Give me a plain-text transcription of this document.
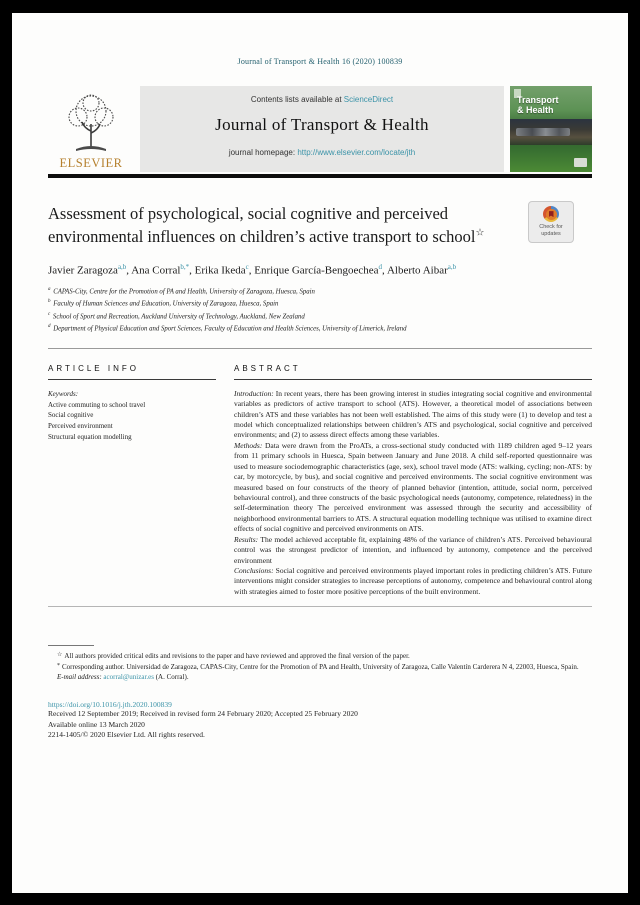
Journal of Transport & Health 16 (2020) 100839
ELSEVIER
Contents lists available at ScienceDirect
Journal of Transport & Health
journal homepage: http://www.elsevier.com/locate/jth
Transport
& Health
Assessment of psychological, social cognitive and perceived
environmental influences on children’s active transport to school☆
Check for
updates
Javier Zaragoza$^{a,b}$, Ana Corral$^{b,*}$, Erika Ikeda$^c$, Enrique García-Bengoechea$^d$, Alberto Aibar$^{a,b}$
$^a$ CAPAS-City, Centre for the Promotion of PA and Health, University of Zaragoza, Huesca, Spain
$^b$ Faculty of Human Sciences and Education, University of Zaragoza, Huesca, Spain
$^c$ School of Sport and Recreation, Auckland University of Technology, Auckland, New Zealand
$^d$ Department of Physical Education and Sport Sciences, Faculty of Education and Health Sciences, University of Limerick, Ireland
ARTICLE INFO
Keywords:
Active commuting to school travel
Social cognitive
Perceived environment
Structural equation modelling
ABSTRACT

Introduction: In recent years, there has been growing interest in studies integrating social cognitive and environmental variables as predictors of active transport to school (ATS). However, a theoretical model of associations between children’s ATS and these variables has not been well established. The aims of this study were (1) to develop and test a model which conceptualized relationships between children’s ATS and psychological, social cognitive and perceived environments; and (2) to assess direct effects among these variables.

Methods: Data were drawn from the ProATs, a cross-sectional study conducted with 1189 children aged 9–12 years from 11 primary schools in Huesca, Spain between January and June 2018. A child self-reported questionnaire was used to measure sociodemographic characteristics (age, sex), school travel mode (ATS: walking, cycling; non-ATS: by car, by motorcycle, by bus), and social cognitive and perceived environments. The social cognitive environment was measured based on four constructs of the theory of planned behavior (intention, attitude, social norm, perceived behavioural control), and three constructs of the basic psychological needs (autonomy, competence, relatedness) in the self-determination theory The perceived environment was assessed through the security and accessibility of neighborhood environmental barriers to ATS. A structural equation modelling technique was utilised to examine direct effects of social cognitive and perceived environments on ATS.

Results: The model achieved acceptable fit, explaining 48% of the variance of children’s ATS. Perceived behavioural control was the strongest predictor of intention, and influenced by autonomy, competence and the perceived environment

Conclusions: Social cognitive and perceived environments played important roles in predicting children’s ATS. Future interventions might consider strategies to increase perceptions of autonomy, competence and behavioural control along with strategies aimed to foster more positive perceptions of the built environment.

☆ All authors provided critical edits and revisions to the paper and have reviewed and approved the final version of the paper.
* Corresponding author. Universidad de Zaragoza, CAPAS-City, Centre for the Promotion of PA and Health, University of Zaragoza, Calle Valentín Carderera N 4, 22003, Huesca, Spain.
E-mail address: acorral@unizar.es (A. Corral).
https://doi.org/10.1016/j.jth.2020.100839
Received 12 September 2019; Received in revised form 24 February 2020; Accepted 25 February 2020
Available online 13 March 2020
2214-1405/© 2020 Elsevier Ltd. All rights reserved.
